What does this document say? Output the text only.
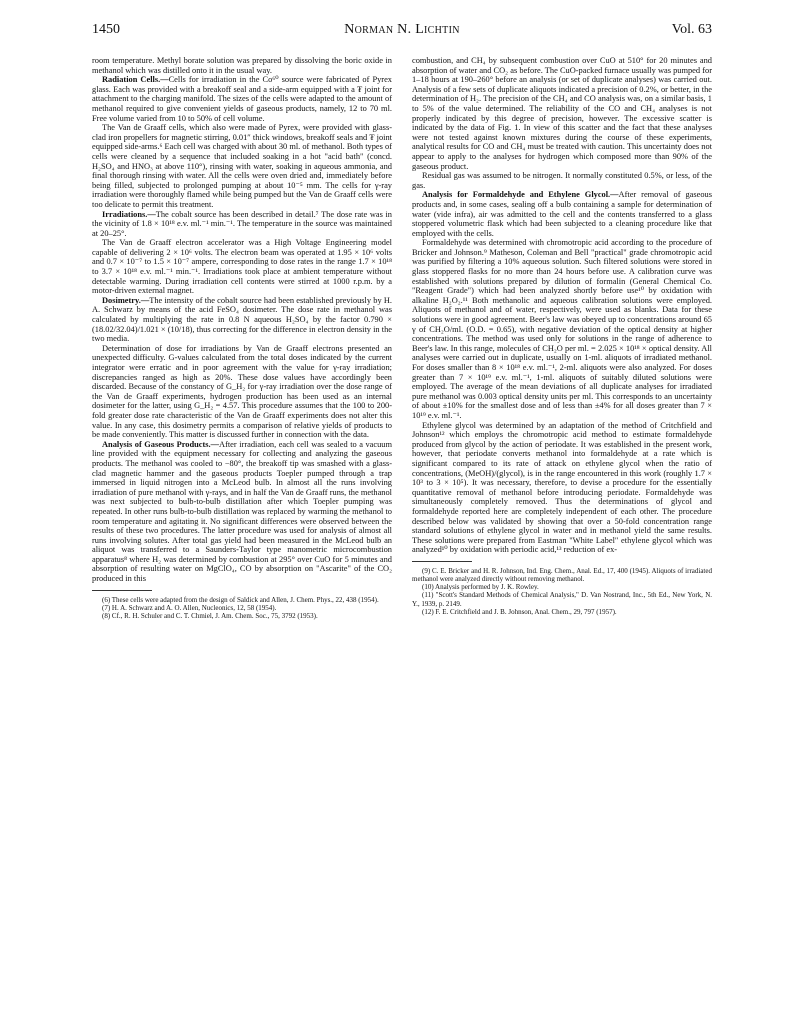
1450	Norman N. Lichtin	Vol. 63

room temperature. Methyl borate solution was prepared by dissolving the boric oxide in methanol which was distilled onto it in the usual way.

Radiation Cells.—Cells for irradiation in the Co⁶⁰ source were fabricated of Pyrex glass. Each was provided with a breakoff seal and a side-arm equipped with a ₮ joint for attachment to the charging manifold. The sizes of the cells were adapted to the amount of methanol required to give convenient yields of gaseous products, namely, 12 to 70 ml. Free volume varied from 10 to 50% of cell volume.

The Van de Graaff cells, which also were made of Pyrex, were provided with glass-clad iron propellers for magnetic stirring, 0.01″ thick windows, breakoff seals and ₮ joint equipped side-arms.⁶ Each cell was charged with about 30 ml. of methanol. Both types of cells were cleaned by a sequence that included soaking in a hot "acid bath" (concd. H₂SO₄ and HNO₃ at above 110°), rinsing with water, soaking in aqueous ammonia, and final thorough rinsing with water. All the cells were oven dried and, immediately before being filled, subjected to prolonged pumping at about 10⁻⁵ mm. The cells for γ-ray irradiation were thoroughly flamed while being pumped but the Van de Graaff cells were too delicate to permit this treatment.

Irradiations.—The cobalt source has been described in detail.⁷ The dose rate was in the vicinity of 1.8 × 10¹⁸ e.v. ml.⁻¹ min.⁻¹. The temperature in the source was maintained at 20–25°.

The Van de Graaff electron accelerator was a High Voltage Engineering model capable of delivering 2 × 10⁶ volts. The electron beam was operated at 1.95 × 10⁶ volts and 0.7 × 10⁻⁷ to 1.5 × 10⁻⁷ ampere, corresponding to dose rates in the range 1.7 × 10¹⁸ to 3.7 × 10¹⁸ e.v. ml.⁻¹ min.⁻¹. Irradiations took place at ambient temperature without detectable warming. During irradiation cell contents were stirred at 1000 r.p.m. by a motor-driven external magnet.

Dosimetry.—The intensity of the cobalt source had been established previously by H. A. Schwarz by means of the acid FeSO₄ dosimeter. The dose rate in methanol was calculated by multiplying the rate in 0.8 N aqueous H₂SO₄ by the factor 0.790 × (18.02/32.04)/1.021 × (10/18), thus correcting for the difference in electron density in the two media.

Determination of dose for irradiations by Van de Graaff electrons presented an unexpected difficulty. G-values calculated from the total doses indicated by the current integrator were erratic and in poor agreement with the value for γ-ray irradiation; discrepancies ranged as high as 20%. These dose values have accordingly been discarded. Because of the constancy of G_H₂ for γ-ray irradiation over the dose range of the Van de Graaff experiments, hydrogen production has been used as an internal dosimeter for the latter, using G_H₂ = 4.57. This procedure assumes that the 100 to 200-fold greater dose rate characteristic of the Van de Graaff experiments does not alter this value. In any case, this dosimetry permits a comparison of relative yields of products to be made conveniently. This matter is discussed further in connection with the data.

Analysis of Gaseous Products.—After irradiation, each cell was sealed to a vacuum line provided with the equipment necessary for collecting and analyzing the gaseous products. The methanol was cooled to −80°, the breakoff tip was smashed with a glass-clad magnetic hammer and the gaseous products Toepler pumped through a trap immersed in liquid nitrogen into a McLeod bulb. In almost all the runs involving irradiation of pure methanol with γ-rays, and in half the Van de Graaff runs, the methanol was next subjected to bulb-to-bulb distillation after which Toepler pumping was repeated. In other runs bulb-to-bulb distillation was replaced by warming the methanol to room temperature and agitating it. No significant differences were observed between the results of these two procedures. The latter procedure was used for analysis of almost all runs involving solutes. After total gas yield had been measured in the McLeod bulb an aliquot was transferred to a Saunders-Taylor type manometric microcombustion apparatus⁸ where H₂ was determined by combustion at 295° over CuO for 5 minutes and absorption of resulting water on MgClO₄, CO by absorption on "Ascarite" of the CO₂ produced in this

(6) These cells were adapted from the design of Saldick and Allen, J. Chem. Phys., 22, 438 (1954).

(7) H. A. Schwarz and A. O. Allen, Nucleonics, 12, 58 (1954).

(8) Cf., R. H. Schuler and C. T. Chmiel, J. Am. Chem. Soc., 75, 3792 (1953).

combustion, and CH₄ by subsequent combustion over CuO at 510° for 20 minutes and absorption of water and CO₂ as before. The CuO-packed furnace usually was pumped for 1–18 hours at 190–260° before an analysis (or set of duplicate analyses) was carried out. Analysis of a few sets of duplicate aliquots indicated a precision of 0.2%, or better, in the determination of H₂. The precision of the CH₄ and CO analysis was, on a similar basis, 1 to 5% of the value determined. The reliability of the CO and CH₄ analyses is not properly indicated by this degree of precision, however. The excessive scatter is indicated by the data of Fig. 1. In view of this scatter and the fact that these analyses were not tested against known mixtures during the course of these experiments, analytical results for CO and CH₄ must be treated with caution. This uncertainty does not appear to apply to the analyses for hydrogen which composed more than 90% of the gaseous product.

Residual gas was assumed to be nitrogen. It normally constituted 0.5%, or less, of the gas.

Analysis for Formaldehyde and Ethylene Glycol.—After removal of gaseous products and, in some cases, sealing off a bulb containing a sample for determination of water (vide infra), air was admitted to the cell and the contents transferred to a glass stoppered volumetric flask which had been subjected to a cleaning procedure like that employed with the cells.

Formaldehyde was determined with chromotropic acid according to the procedure of Bricker and Johnson.⁹ Matheson, Coleman and Bell "practical" grade chromotropic acid was purified by filtering a 10% aqueous solution. Such filtered solutions were stored in glass stoppered flasks for no more than 24 hours before use. A calibration curve was established with solutions prepared by dilution of formalin (General Chemical Co. "Reagent Grade") which had been analyzed shortly before use¹⁰ by oxidation with alkaline H₂O₂.¹¹ Both methanolic and aqueous calibration solutions were employed. Aliquots of methanol and of water, respectively, were used as blanks. Data for these solutions were in good agreement. Beer's law was obeyed up to concentrations around 65 γ of CH₂O/ml. (O.D. = 0.65), with negative deviation of the optical density at higher concentrations. The method was used only for solutions in the range of adherence to Beer's law. In this range, molecules of CH₂O per ml. = 2.025 × 10¹⁸ × optical density. All analyses were carried out in duplicate, usually on 1-ml. aliquots of irradiated methanol. For doses smaller than 8 × 10¹⁸ e.v. ml.⁻¹, 2-ml. aliquots were also analyzed. For doses greater than 7 × 10¹⁹ e.v. ml.⁻¹, 1-ml. aliquots of suitably diluted solutions were employed. The average of the mean deviations of all duplicate analyses for irradiated pure methanol was 0.003 optical density units per ml. This corresponds to an uncertainty of about ±10% for the smallest dose and of less than ±4% for all doses greater than 7 × 10¹⁹ e.v. ml.⁻¹.

Ethylene glycol was determined by an adaptation of the method of Critchfield and Johnson¹² which employs the chromotropic acid method to estimate formaldehyde produced from glycol by the action of periodate. It was established in the present work, however, that periodate converts methanol into formaldehyde at a rate which is significant compared to its rate of attack on ethylene glycol when the ratio of concentrations, (MeOH)/(glycol), is in the range encountered in this work (roughly 1.7 × 10³ to 3 × 10⁵). It was necessary, therefore, to devise a procedure for the essentially quantitative removal of methanol before introducing periodate. Formaldehyde was simultaneously completely removed. Thus the determinations of glycol and formaldehyde reported here are completely independent of each other. The procedure described below was validated by showing that over a 50-fold concentration range standard solutions of ethylene glycol in water and in methanol yield the same results. These solutions were prepared from Eastman "White Label" ethylene glycol which was analyzed¹⁰ by oxidation with periodic acid,¹³ reduction of ex-

(9) C. E. Bricker and H. R. Johnson, Ind. Eng. Chem., Anal. Ed., 17, 400 (1945). Aliquots of irradiated methanol were analyzed directly without removing methanol.

(10) Analysis performed by J. K. Rowley.

(11) "Scott's Standard Methods of Chemical Analysis," D. Van Nostrand, Inc., 5th Ed., New York, N. Y., 1939, p. 2149.

(12) F. E. Critchfield and J. B. Johnson, Anal. Chem., 29, 797 (1957).
